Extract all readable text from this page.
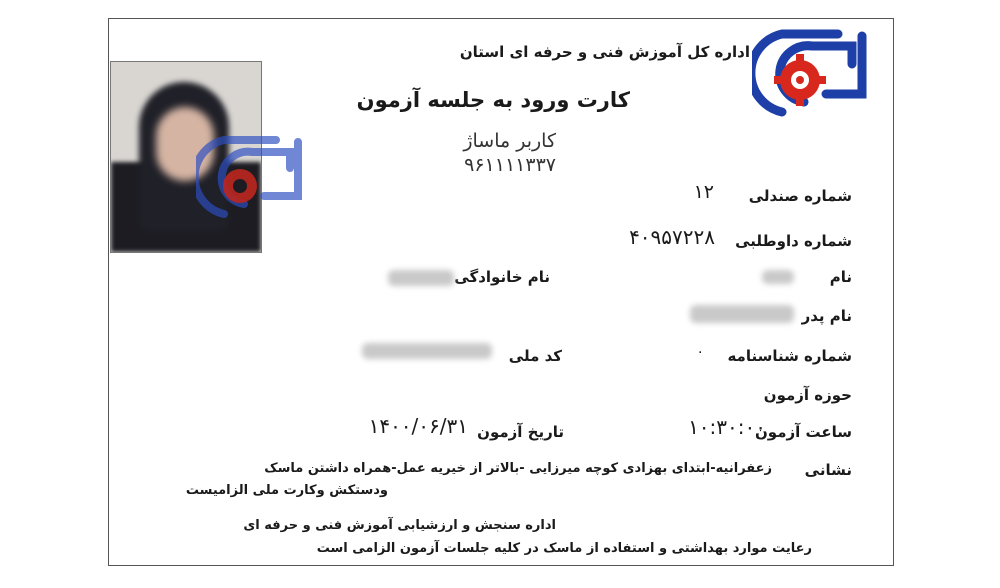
اداره کل آموزش فنی و حرفه ای استان
کارت ورود به جلسه آزمون
کاربر ماساژ
۹۶۱۱۱۱۳۳۷
شماره صندلی
۱۲
شماره داوطلبی
۴۰۹۵۷۲۲۸
نام
نام خانوادگی
نام پدر
شماره شناسنامه
۰
کد ملی
حوزه آزمون
ساعت آزمون
۱۰:۳۰:۰۰
تاریخ آزمون
۱۴۰۰/۰۶/۳۱
نشانی
زعفرانیه-ابتدای بهزادی کوچه میرزایی -بالاتر از خیریه عمل-همراه داشتن ماسک
ودستکش وکارت ملی الزامیست
اداره سنجش و ارزشیابی آموزش فنی و حرفه ای
رعایت موارد بهداشتی و استفاده از ماسک در کلیه جلسات آزمون الزامی است
